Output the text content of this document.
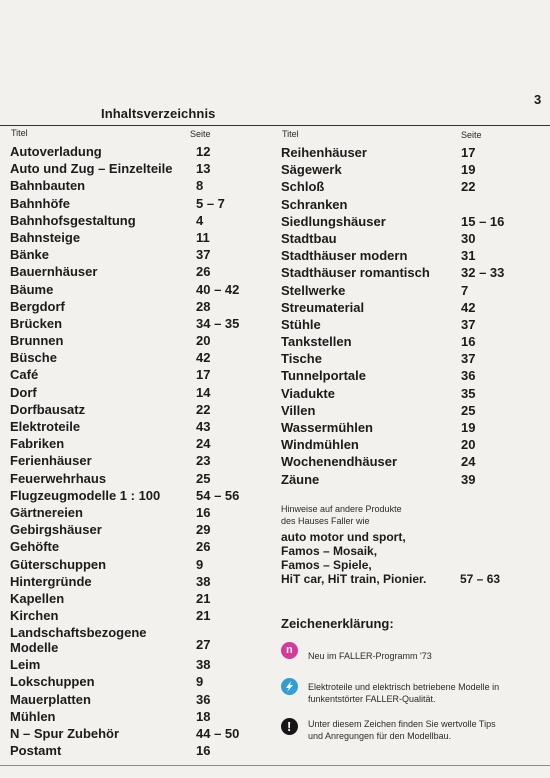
3
Inhaltsverzeichnis
Titel	Seite	Titel	Seite
Autoverladung	12
Auto und Zug – Einzelteile 13
Bahnbauten	8
Bahnhöfe	5 – 7
Bahnhofsgestaltung	4
Bahnsteige	11
Bänke	37
Bauernhäuser	26
Bäume	40 – 42
Bergdorf	28
Brücken	34 – 35
Brunnen	20
Büsche	42
Café	17
Dorf	14
Dorfbausatz	22
Elektroteile	43
Fabriken	24
Ferienhäuser	23
Feuerwehrhaus	25
Flugzeugmodelle 1 : 100	54 – 56
Gärtnereien	16
Gebirgshäuser	29
Gehöfte	26
Güterschuppen	9
Hintergründe	38
Kapellen	21
Kirchen	21
Landschaftsbezogene
Modelle	27
Leim	38
Lokschuppen	9
Mauerplatten	36
Mühlen	18
N – Spur Zubehör	44 – 50
Postamt	16
Reihenhäuser	17
Sägewerk	19
Schloß	22
Schranken
Siedlungshäuser	15 – 16
Stadtbau	30
Stadthäuser modern	31
Stadthäuser romantisch 32 – 33
Stellwerke	7
Streumaterial	42
Stühle	37
Tankstellen	16
Tische	37
Tunnelportale	36
Viadukte	35
Villen	25
Wassermühlen	19
Windmühlen	20
Wochenendhäuser	24
Zäune	39
Hinweise auf andere Produkte
des Hauses Faller wie
auto motor und sport,
Famos – Mosaik,
Famos – Spiele,
HiT car, HiT train, Pionier.	57 – 63
Zeichenerklärung:
n Neu im FALLER-Programm '73
Elektroteile und elektrisch betriebene Modelle in
funkentstörter FALLER-Qualität.
! Unter diesem Zeichen finden Sie wertvolle Tips
und Anregungen für den Modellbau.
